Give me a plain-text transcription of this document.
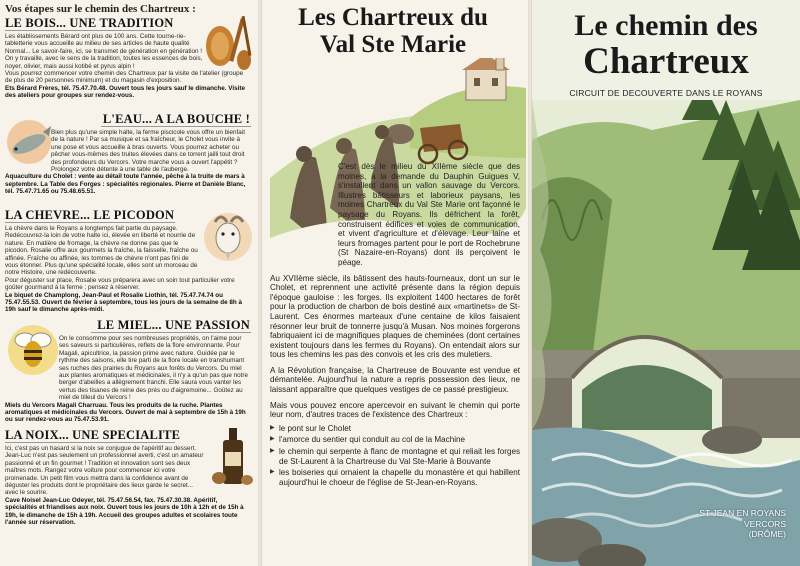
Vos étapes sur le chemin des Chartreux :
LE BOIS... UNE TRADITION

Les établissements Bérard ont plus de 100 ans. Cette tourne-rie-tabletterie vous accueille au milieu de ses articles de haute qualité Normal... Le savoir-faire, ici, se transmet de génération en génération ! On y travaille, avec le sens de la tradition, toutes les essences de bois, noyer, olivier, mais aussi kotibé et pyrus alpin !

Vous pourrez commencer votre chemin des Chartreux par la visite de l'atelier (groupe de plus de 20 personnes minimum) et du magasin d'exposition.

Ets Bérard Frères, tél. 75.47.70.48. Ouvert tous les jours sauf le dimanche. Visite des ateliers pour groupes sur rendez-vous.

L'EAU... A LA BOUCHE !

Bien plus qu'une simple halte, la ferme piscicole vous offre un bienfait de la nature ! Par sa musique et sa fraîcheur, le Cholet vous invite à une pose et vous accueille à bras ouverts. Vous pourrez acheter ou pêcher vous-mêmes des truites élevées dans ce torrent jailli tout droit des profondeurs du Vercors. Votre marche vous a ouvert l'appétit ? Prolongez votre détente à une table de l'auberge.

Aquaculture du Cholet : vente au détail toute l'année, pêche à la truite de mars à septembre. La Table des Forges : spécialités régionales. Pierre et Danièle Blanc, tél. 75.47.71.65 ou 75.48.65.51.

LA CHEVRE... LE PICODON

La chèvre dans le Royans a longtemps fait partie du paysage. Redécouvrez-la loin de votre halte ici, élevée en liberté et nourrie de nature. En matière de fromage, la chèvre ne donne pas que le picodon. Rosalie offre aux gourmets la fraîche, la faisselle, fraîche ou affinée. Fraîche ou affinée, les tommes de chèvre n'ont pas fini de vous étonner. Plus qu'une spécialité locale, elles sont un morceau de notre Histoire, une redécouverte.

Pour déguster sur place, Rosalie vous préparera avec un soin tout particulier votre goûter gourmand à la ferme ; pensez à réserver.

Le biquet de Champlong, Jean-Paul et Rosalie Liothin, tél. 75.47.74.74 ou 75.47.55.53. Ouvert de février à septembre, tous les jours de la semaine de 8h à 19h sauf le dimanche après-midi.

LE MIEL... UNE PASSION

On le consomme pour ses nombreuses propriétés, on l'aime pour ses saveurs si particulières, reflets de la flore environnante. Pour Magali, apicultrice, la passion prime avec nature. Guidée par le rythme des saisons, elle tire parti de la flore locale en transhumant ses ruches des prairies du Royans aux forêts du Vercors. Du miel aux plantes aromatiques et médicinales, il n'y a qu'un pas que notre berger d'abeilles a allègrement franchi. Elle saura vous vanter les vertus des tisanes de reine des prés ou d'aigremoine... Goûtez au miel de tilleul du Vercors !

Miels du Vercors Magali Charruau. Tous les produits de la ruche. Plantes aromatiques et médicinales du Vercors. Ouvert de mai à septembre de 15h à 19h ou sur rendez-vous au 75.47.53.91.

LA NOIX... UNE SPECIALITE

Ici, c'est pas un hasard si la noix se conjugue de l'apéritif au dessert. Jean-Luc n'est pas seulement un professionnel averti, c'est un amateur passionné et un fin gourmet ! Tradition et innovation sont ses deux maîtres mots. Rangez votre voiture pour commencer ici votre promenade. Un petit film vous mettra dans la confidence avant de déguster les produits dont le propriétaire des lieux garde le secret... avec le sourire.

Cave Noisel Jean-Luc Odeyer, tél. 75.47.56.54, fax. 75.47.30.38. Apéritif, spécialités et friandises aux noix. Ouvert tous les jours de 10h à 12h et de 15h à 19h, le dimanche de 15h à 19h. Accueil des groupes adultes et scolaires toute l'année sur réservation.

Les Chartreux du
Val Ste Marie

C'est dès le milieu du XIIème siècle que des moines, à la demande du Dauphin Guigues V, s'installent dans un vallon sauvage du Vercors. Illustres bâtisseurs et laborieux paysans, les moines Chartreux du Val Ste Marie ont façonné le paysage du Royans. Ils défrichent la forêt, construisent édifices et voies de communication, et vivent d'agriculture et d'élevage. Leur laine et leurs fromages partent pour le port de Rochebrune (St Nazaire-en-Royans) dont ils perçoivent le péage.

Au XVIIème siècle, ils bâtissent des hauts-fourneaux, dont un sur le Cholet, et reprennent une activité présente dans la région depuis l'époque gauloise : les forges. Ils exploitent 1400 hectares de forêt pour la production de charbon de bois destiné aux «martinets» de St-Laurent. Ces énormes marteaux d'une centaine de kilos faisaient résonner leur bruit de tonnerre jusqu'à Musan. Nos moines forgerons fabriquaient ici de magnifiques plaques de cheminées (dont certaines existent toujours dans les fermes du Royans). On entendait alors sur tous les chemins les pas des convois et les cris des muletiers.

A la Révolution française, la Chartreuse de Bouvante est vendue et démantelée. Aujourd'hui la nature a repris possession des lieux, ne laissant apparaître que quelques vestiges de ce passé prestigieux.

Mais vous pouvez encore apercevoir en suivant le chemin qui porte leur nom, d'autres traces de l'existence des Chartreux :

▶ le pont sur le Cholet
▶ l'amorce du sentier qui conduit au col de la Machine
▶ le chemin qui serpente à flanc de montagne et qui reliait les forges de St-Laurent à la Chartreuse du Val Ste-Marie à Bouvante
▶ les boiseries qui ornaient la chapelle du monastère et qui habillent aujourd'hui le choeur de l'église de St-Jean-en-Royans.
Le chemin des
Chartreux
CIRCUIT DE DECOUVERTE DANS LE ROYANS
ST JEAN EN ROYANS
VERCORS
(DRÔME)
